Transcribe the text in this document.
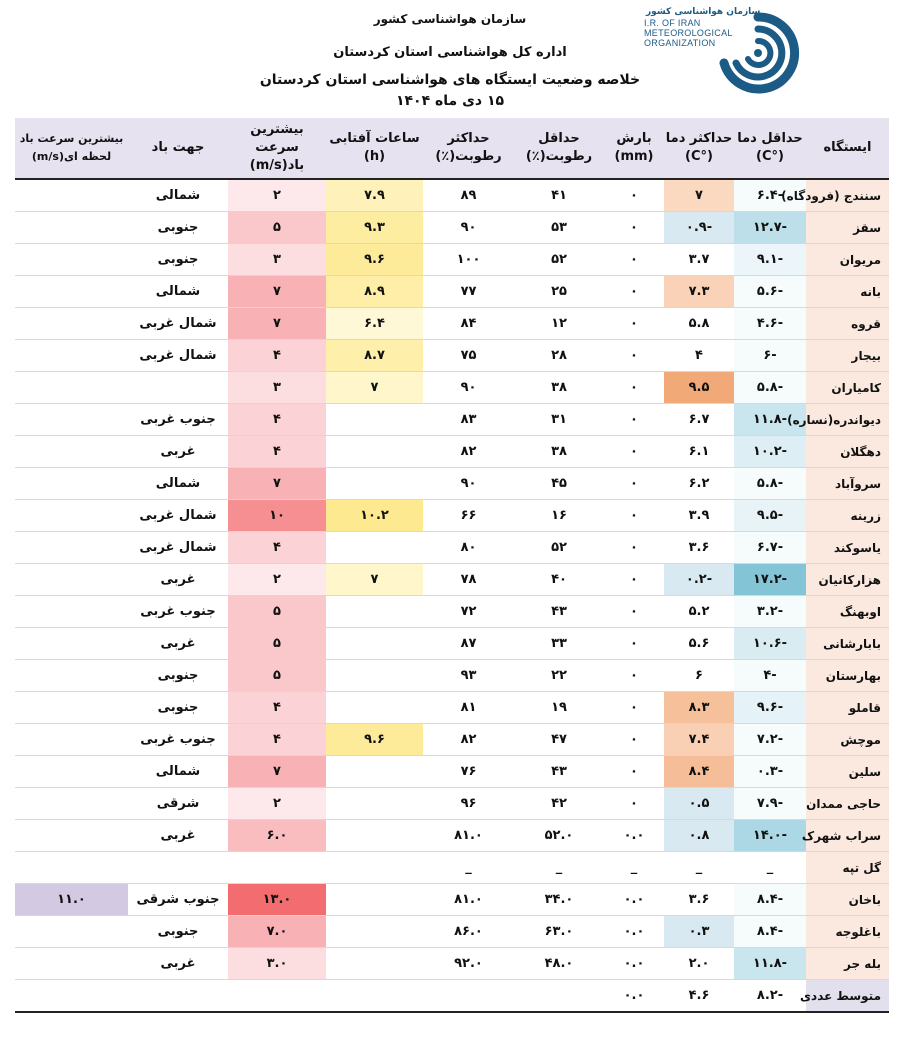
سازمان هواشناسی کشور
اداره کل هواشناسی استان کردستان
خلاصه وضعیت ایستگاه های هواشناسی استان کردستان
۱۵ دی ماه ۱۴۰۴
سازمان هواشناسی کشور
I.R. OF IRAN
METEOROLOGICAL
ORGANIZATION
بیشترین سرعت باد لحظه ای(m/s)	جهت باد	بیشترین سرعت باد(m/s)	ساعات آفتابی (h)	حداکثر رطوبت(٪)	حداقل رطوبت(٪)	بارش (mm)	حداکثر دما (°C)	حداقل دما (°C)	ایستگاه
	شمالی	۲	۷.۹	۸۹	۴۱	۰	۷	۶.۴-	سنندج (فرودگاه)
	جنوبی	۵	۹.۳	۹۰	۵۳	۰	۰.۹-	۱۲.۷-	سقز
	جنوبی	۳	۹.۶	۱۰۰	۵۲	۰	۳.۷	۹.۱-	مریوان
	شمالی	۷	۸.۹	۷۷	۲۵	۰	۷.۳	۵.۶-	بانه
	شمال غربی	۷	۶.۴	۸۴	۱۲	۰	۵.۸	۴.۶-	قروه
	شمال غربی	۴	۸.۷	۷۵	۲۸	۰	۴	۶-	بیجار
		۳	۷	۹۰	۳۸	۰	۹.۵	۵.۸-	کامیاران
	جنوب غربی	۴		۸۳	۳۱	۰	۶.۷	۱۱.۸-	دیواندره(نساره)
	غربی	۴		۸۲	۳۸	۰	۶.۱	۱۰.۲-	دهگلان
	شمالی	۷		۹۰	۴۵	۰	۶.۲	۵.۸-	سروآباد
	شمال غربی	۱۰	۱۰.۲	۶۶	۱۶	۰	۳.۹	۹.۵-	زرینه
	شمال غربی	۴		۸۰	۵۲	۰	۳.۶	۶.۷-	یاسوکند
	غربی	۲	۷	۷۸	۴۰	۰	۰.۲-	۱۷.۲-	هزارکانیان
	جنوب غربی	۵		۷۲	۴۳	۰	۵.۲	۳.۲-	اوبهنگ
	غربی	۵		۸۷	۳۳	۰	۵.۶	۱۰.۶-	بابارشانی
	جنوبی	۵		۹۳	۲۲	۰	۶	۴-	بهارستان
	جنوبی	۴		۸۱	۱۹	۰	۸.۳	۹.۶-	قاملو
	جنوب غربی	۴	۹.۶	۸۲	۴۷	۰	۷.۴	۷.۲-	موچش
	شمالی	۷		۷۶	۴۳	۰	۸.۴	۰.۳-	سلین
	شرقی	۲		۹۶	۴۲	۰	۰.۵	۷.۹-	حاجی ممدان
	غربی	۶.۰		۸۱.۰	۵۲.۰	۰.۰	۰.۸	۱۴.۰-	سراب شهرک
				_	_	_	_	_	گل تپه
۱۱.۰	جنوب شرقی	۱۳.۰		۸۱.۰	۳۴.۰	۰.۰	۳.۶	۸.۴-	باخان
	جنوبی	۷.۰		۸۶.۰	۶۳.۰	۰.۰	۰.۳	۸.۴-	باغلوجه
	غربی	۳.۰		۹۲.۰	۴۸.۰	۰.۰	۲.۰	۱۱.۸-	بله جر
						۰.۰	۴.۶	۸.۲-	متوسط عددی
